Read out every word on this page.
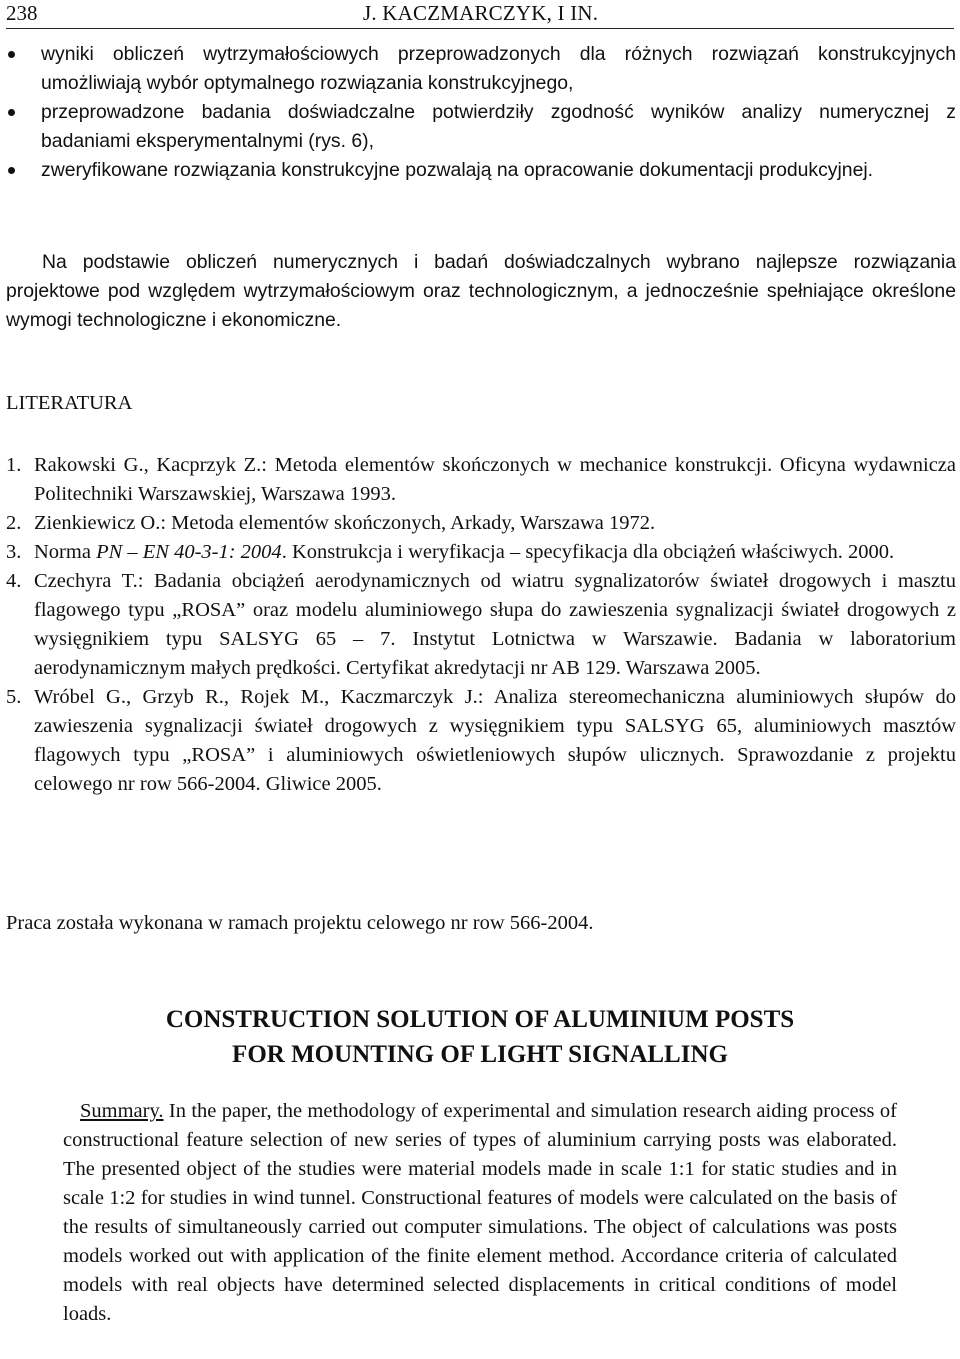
238	J. KACZMARCZYK, I IN.
wyniki obliczeń wytrzymałościowych przeprowadzonych dla różnych rozwiązań konstrukcyjnych umożliwiają wybór optymalnego rozwiązania konstrukcyjnego,
przeprowadzone badania doświadczalne potwierdziły zgodność wyników analizy numerycznej z badaniami eksperymentalnymi (rys. 6),
zweryfikowane rozwiązania konstrukcyjne pozwalają na opracowanie dokumentacji produkcyjnej.

Na podstawie obliczeń numerycznych i badań doświadczalnych wybrano najlepsze rozwiązania projektowe pod względem wytrzymałościowym oraz technologicznym, a jednocześnie spełniające określone wymogi technologiczne i ekonomiczne.

LITERATURA
1. Rakowski G., Kacprzyk Z.: Metoda elementów skończonych w mechanice konstrukcji. Oficyna wydawnicza Politechniki Warszawskiej, Warszawa 1993.
2. Zienkiewicz O.: Metoda elementów skończonych, Arkady, Warszawa 1972.
3. Norma PN – EN 40-3-1: 2004. Konstrukcja i weryfikacja – specyfikacja dla obciążeń właściwych. 2000.
4. Czechyra T.: Badania obciążeń aerodynamicznych od wiatru sygnalizatorów świateł drogowych i masztu flagowego typu „ROSA” oraz modelu aluminiowego słupa do zawieszenia sygnalizacji świateł drogowych z wysięgnikiem typu SALSYG 65 – 7. Instytut Lotnictwa w Warszawie. Badania w laboratorium aerodynamicznym małych prędkości. Certyfikat akredytacji nr AB 129. Warszawa 2005.
5. Wróbel G., Grzyb R., Rojek M., Kaczmarczyk J.: Analiza stereomechaniczna aluminiowych słupów do zawieszenia sygnalizacji świateł drogowych z wysięgnikiem typu SALSYG 65, aluminiowych masztów flagowych typu „ROSA” i aluminiowych oświetleniowych słupów ulicznych. Sprawozdanie z projektu celowego nr row 566-2004. Gliwice 2005.
Praca została wykonana w ramach projektu celowego nr row 566-2004.
CONSTRUCTION SOLUTION OF ALUMINIUM POSTS
FOR MOUNTING OF LIGHT SIGNALLING

Summary. In the paper, the methodology of experimental and simulation research aiding process of constructional feature selection of new series of types of aluminium carrying posts was elaborated. The presented object of the studies were material models made in scale 1:1 for static studies and in scale 1:2 for studies in wind tunnel. Constructional features of models were calculated on the basis of the results of simultaneously carried out computer simulations. The object of calculations was posts models worked out with application of the finite element method. Accordance criteria of calculated models with real objects have determined selected displacements in critical conditions of model loads.
